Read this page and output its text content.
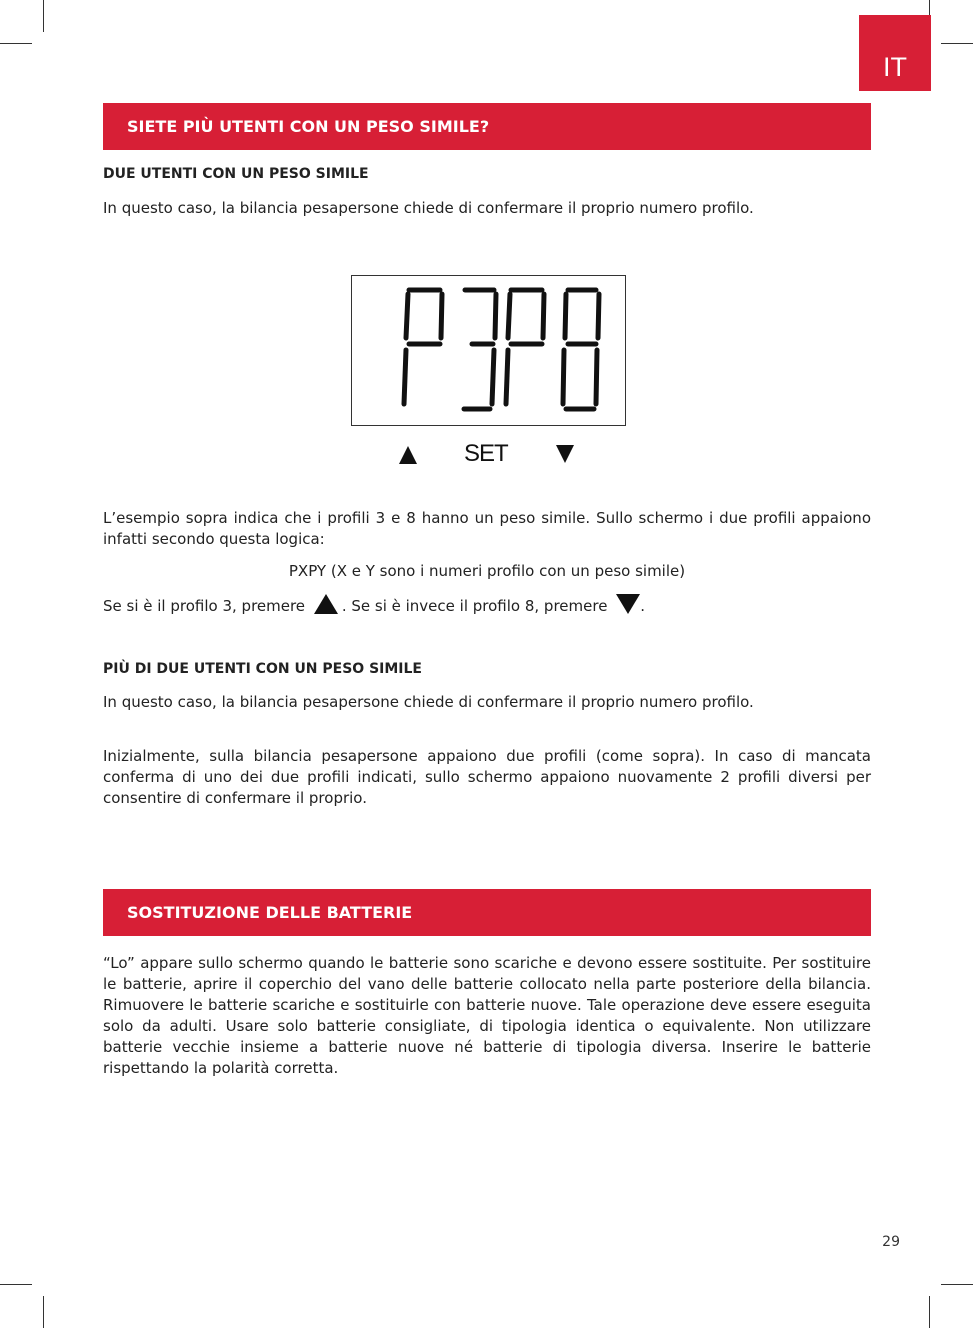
IT
SIETE PIÙ UTENTI CON UN PESO SIMILE?
DUE UTENTI CON UN PESO SIMILE

In questo caso, la bilancia pesapersone chiede di confermare il proprio numero profilo.

SET

L’esempio sopra indica che i profili 3 e 8 hanno un peso simile. Sullo schermo i due profili appaiono infatti secondo questa logica:

PXPY (X e Y sono i numeri profilo con un peso simile)
Se si è il profilo 3, premere . Se si è invece il profilo 8, premere .
PIÙ DI DUE UTENTI CON UN PESO SIMILE

In questo caso, la bilancia pesapersone chiede di confermare il proprio numero profilo.

Inizialmente, sulla bilancia pesapersone appaiono due profili (come sopra). In caso di mancata conferma di uno dei due profili indicati, sullo schermo appaiono nuovamente 2 profili diversi per consentire di confermare il proprio.

SOSTITUZIONE DELLE BATTERIE

“Lo” appare sullo schermo quando le batterie sono scariche e devono essere sostituite. Per sostituire le batterie, aprire il coperchio del vano delle batterie collocato nella parte posteriore della bilancia. Rimuovere le batterie scariche e sostituirle con batterie nuove. Tale operazione deve essere eseguita solo da adulti. Usare solo batterie consigliate, di tipologia identica o equivalente. Non utilizzare batterie vecchie insieme a batterie nuove né batterie di tipologia diversa. Inserire le batterie rispettando la polarità corretta.

29
